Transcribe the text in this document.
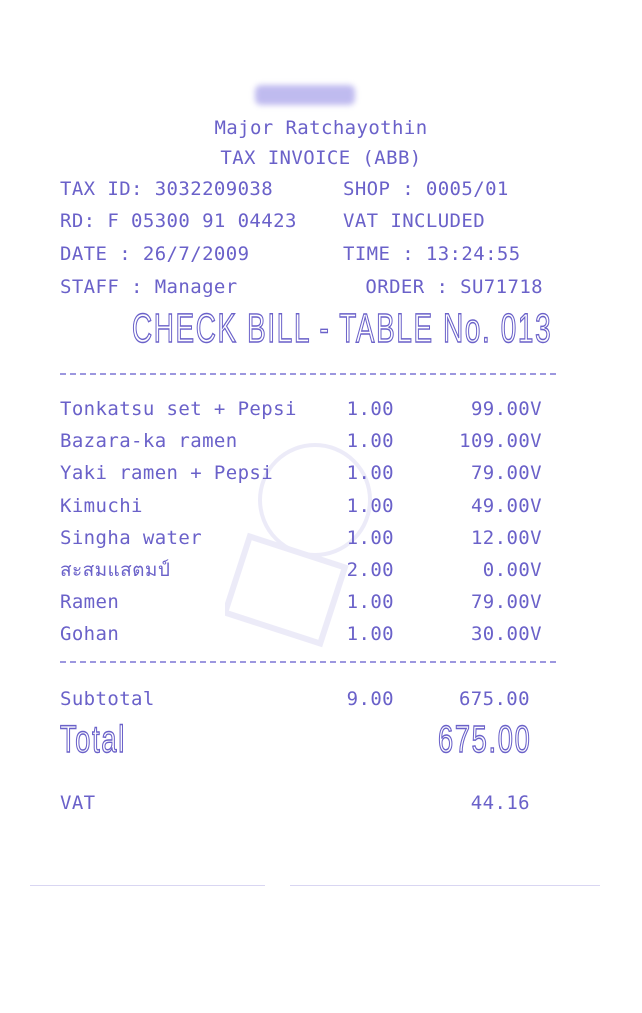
Major Ratchayothin
TAX INVOICE (ABB)
TAX ID: 3032209038	SHOP : 0005/01
RD: F 05300 91 04423 VAT INCLUDED
DATE : 26/7/2009	TIME : 13:24:55
STAFF : Manager	ORDER : SU71718
CHECK BILL - TABLE No. 013
Tonkatsu set + Pepsi	1.00	99.00V
Bazara-ka ramen	1.00	109.00V
Yaki ramen + Pepsi	1.00	79.00V
Kimuchi	1.00	49.00V
Singha water	1.00	12.00V
สะสมแสตมป์	2.00	0.00V
Ramen	1.00	79.00V
Gohan	1.00	30.00V
Subtotal	9.00	675.00
Total	675.00
VAT	44.16
